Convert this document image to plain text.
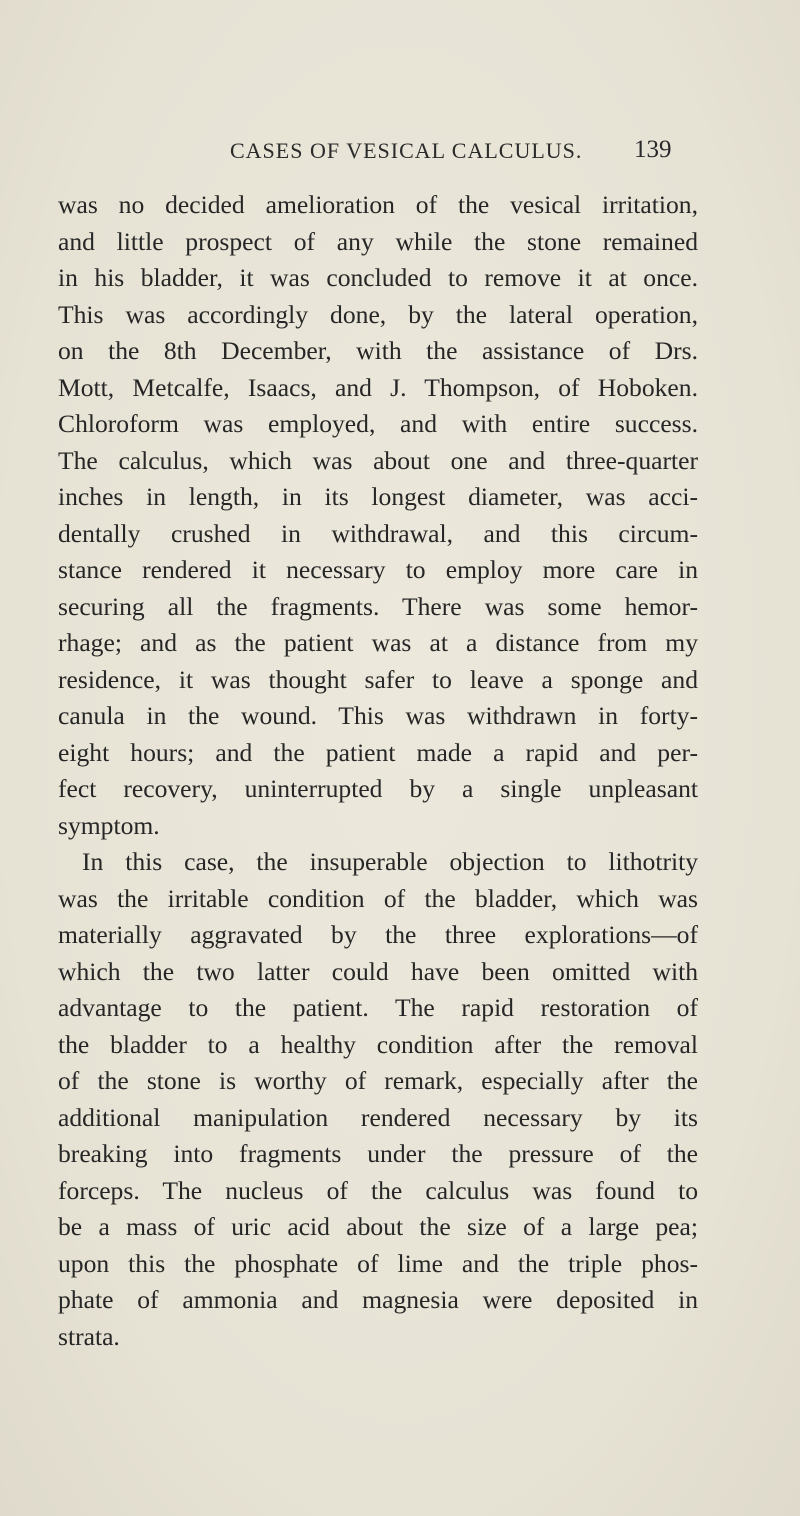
CASES OF VESICAL CALCULUS. 139
was no decided amelioration of the vesical irritation,
and little prospect of any while the stone remained
in his bladder, it was concluded to remove it at once.
This was accordingly done, by the lateral operation,
on the 8th December, with the assistance of Drs.
Mott, Metcalfe, Isaacs, and J. Thompson, of Hoboken.
Chloroform was employed, and with entire success.
The calculus, which was about one and three-quarter
inches in length, in its longest diameter, was acci-
dentally crushed in withdrawal, and this circum-
stance rendered it necessary to employ more care in
securing all the fragments. There was some hemor-
rhage; and as the patient was at a distance from my
residence, it was thought safer to leave a sponge and
canula in the wound. This was withdrawn in forty-
eight hours; and the patient made a rapid and per-
fect recovery, uninterrupted by a single unpleasant
symptom.
In this case, the insuperable objection to lithotrity
was the irritable condition of the bladder, which was
materially aggravated by the three explorations—of
which the two latter could have been omitted with
advantage to the patient. The rapid restoration of
the bladder to a healthy condition after the removal
of the stone is worthy of remark, especially after the
additional manipulation rendered necessary by its
breaking into fragments under the pressure of the
forceps. The nucleus of the calculus was found to
be a mass of uric acid about the size of a large pea;
upon this the phosphate of lime and the triple phos-
phate of ammonia and magnesia were deposited in
strata.
